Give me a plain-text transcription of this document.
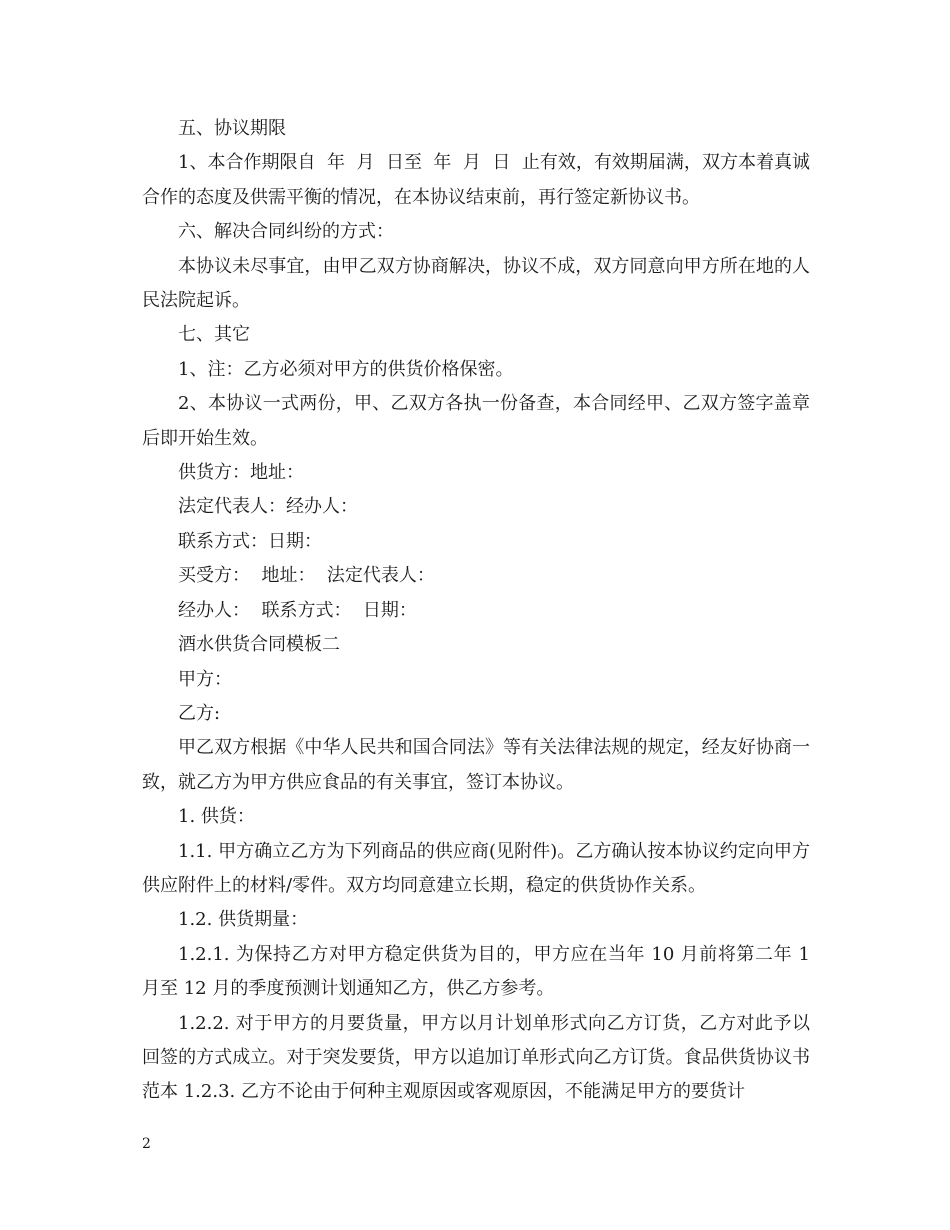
五、协议期限

1、本合作期限自  年  月  日至  年  月  日  止有效，有效期届满，双方本着真诚合作的态度及供需平衡的情况，在本协议结束前，再行签定新协议书。

六、解决合同纠纷的方式：

本协议未尽事宜，由甲乙双方协商解决，协议不成，双方同意向甲方所在地的人民法院起诉。

七、其它

1、注：乙方必须对甲方的供货价格保密。

2、本协议一式两份，甲、乙双方各执一份备查，本合同经甲、乙双方签字盖章后即开始生效。

供货方：地址：

法定代表人：经办人：

联系方式：日期：

买受方：  地址：  法定代表人：

经办人：  联系方式：  日期：

酒水供货合同模板二

甲方：

乙方:

甲乙双方根据《中华人民共和国合同法》等有关法律法规的规定，经友好协商一致，就乙方为甲方供应食品的有关事宜，签订本协议。

1. 供货：

1.1. 甲方确立乙方为下列商品的供应商(见附件)。乙方确认按本协议约定向甲方供应附件上的材料/零件。双方均同意建立长期，稳定的供货协作关系。

1.2. 供货期量：

1.2.1. 为保持乙方对甲方稳定供货为目的，甲方应在当年 10 月前将第二年 1 月至 12 月的季度预测计划通知乙方，供乙方参考。

1.2.2. 对于甲方的月要货量，甲方以月计划单形式向乙方订货，乙方对此予以回签的方式成立。对于突发要货，甲方以追加订单形式向乙方订货。食品供货协议书范本 1.2.3. 乙方不论由于何种主观原因或客观原因，不能满足甲方的要货计

2
